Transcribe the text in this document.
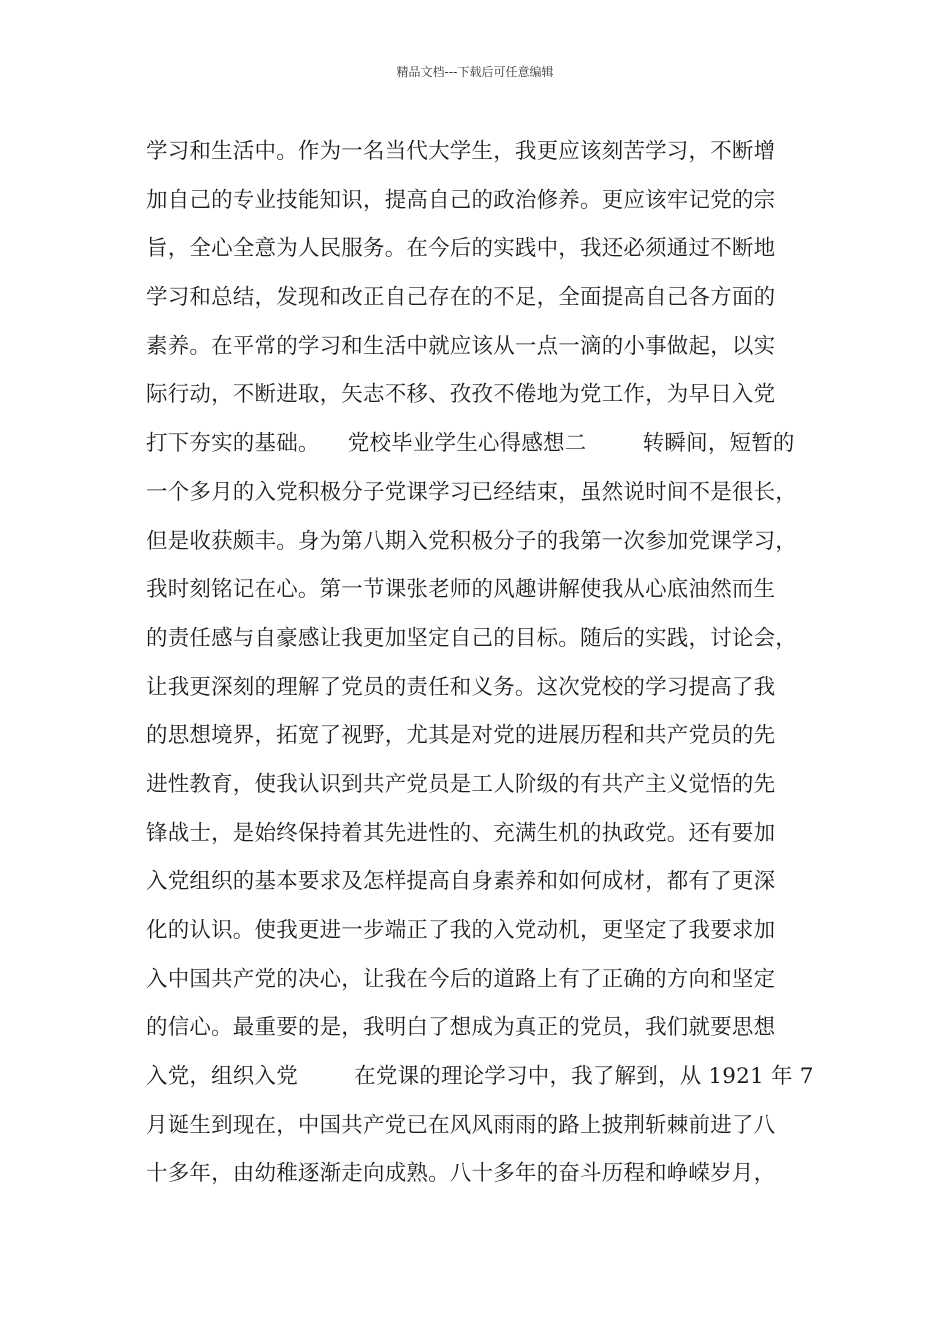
精品文档---下载后可任意编辑
学习和生活中。作为一名当代大学生，我更应该刻苦学习，不断增
加自己的专业技能知识，提高自己的政治修养。更应该牢记党的宗
旨，全心全意为人民服务。在今后的实践中，我还必须通过不断地
学习和总结，发现和改正自己存在的不足，全面提高自己各方面的
素养。在平常的学习和生活中就应该从一点一滴的小事做起，以实
际行动，不断进取，矢志不移、孜孜不倦地为党工作，为早日入党
打下夯实的基础。    党校毕业学生心得感想二        转瞬间，短暂的
一个多月的入党积极分子党课学习已经结束，虽然说时间不是很长，
但是收获颇丰。身为第八期入党积极分子的我第一次参加党课学习，
我时刻铭记在心。第一节课张老师的风趣讲解使我从心底油然而生
的责任感与自豪感让我更加坚定自己的目标。随后的实践，讨论会，
让我更深刻的理解了党员的责任和义务。这次党校的学习提高了我
的思想境界，拓宽了视野，尤其是对党的进展历程和共产党员的先
进性教育，使我认识到共产党员是工人阶级的有共产主义觉悟的先
锋战士，是始终保持着其先进性的、充满生机的执政党。还有要加
入党组织的基本要求及怎样提高自身素养和如何成材，都有了更深
化的认识。使我更进一步端正了我的入党动机，更坚定了我要求加
入中国共产党的决心，让我在今后的道路上有了正确的方向和坚定
的信心。最重要的是，我明白了想成为真正的党员，我们就要思想
入党，组织入党        在党课的理论学习中，我了解到，从 1921 年 7
月诞生到现在，中国共产党已在风风雨雨的路上披荆斩棘前进了八
十多年，由幼稚逐渐走向成熟。八十多年的奋斗历程和峥嵘岁月，
